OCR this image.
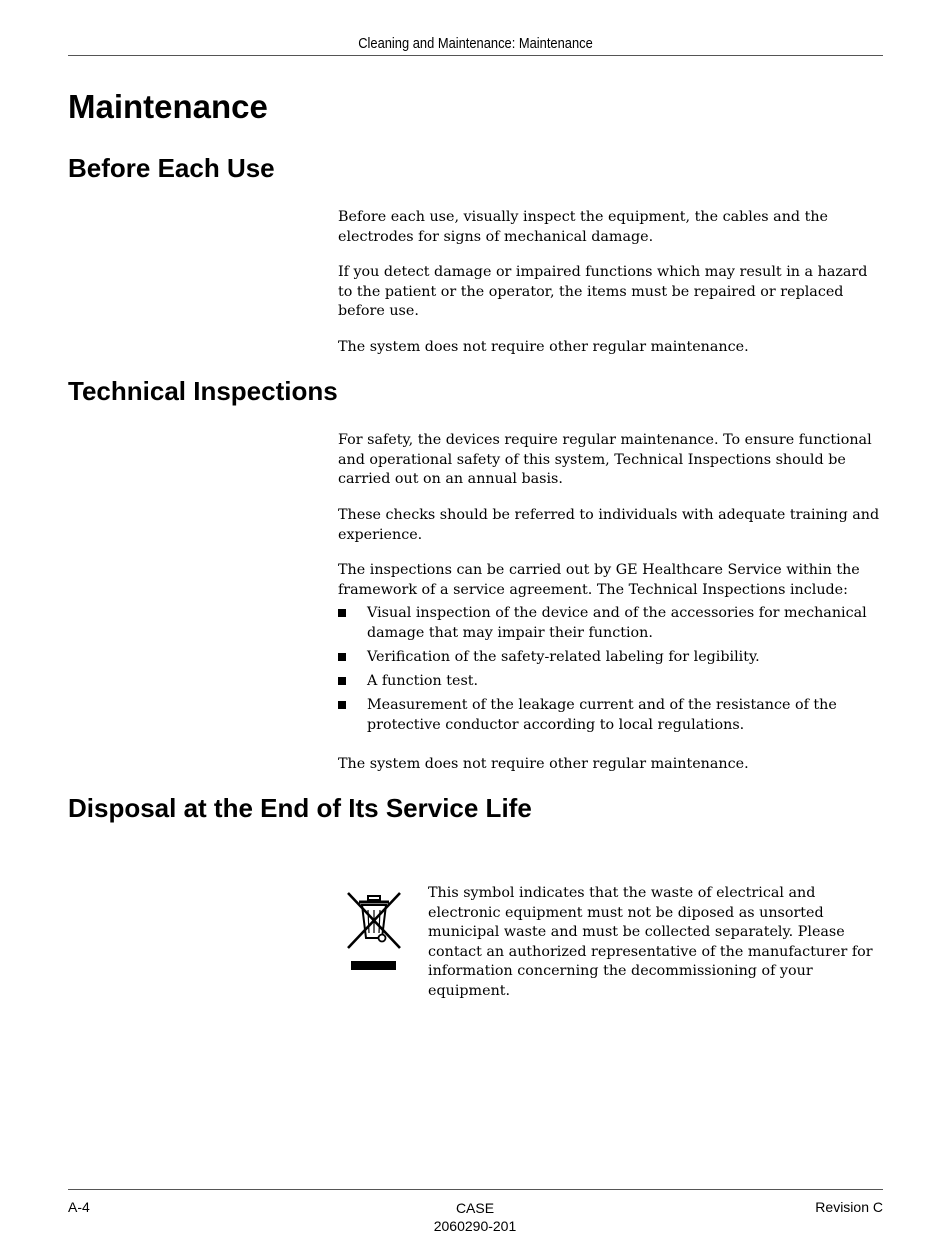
Cleaning and Maintenance: Maintenance
Maintenance
Before Each Use

Before each use, visually inspect the equipment, the cables and the electrodes for signs of mechanical damage.

If you detect damage or impaired functions which may result in a hazard to the patient or the operator, the items must be repaired or replaced before use.

The system does not require other regular maintenance.

Technical Inspections

For safety, the devices require regular maintenance. To ensure functional and operational safety of this system, Technical Inspections should be carried out on an annual basis.

These checks should be referred to individuals with adequate training and experience.

The inspections can be carried out by GE Healthcare Service within the framework of a service agreement. The Technical Inspections include:

Visual inspection of the device and of the accessories for mechanical damage that may impair their function.
Verification of the safety-related labeling for legibility.
A function test.
Measurement of the leakage current and of the resistance of the protective conductor according to local regulations.

The system does not require other regular maintenance.

Disposal at the End of Its Service Life

This symbol indicates that the waste of electrical and electronic equipment must not be diposed as unsorted municipal waste and must be collected separately. Please contact an authorized representative of the manufacturer for information concerning the decommissioning of your equipment.

A-4	CASE
2060290-201
Revision C
